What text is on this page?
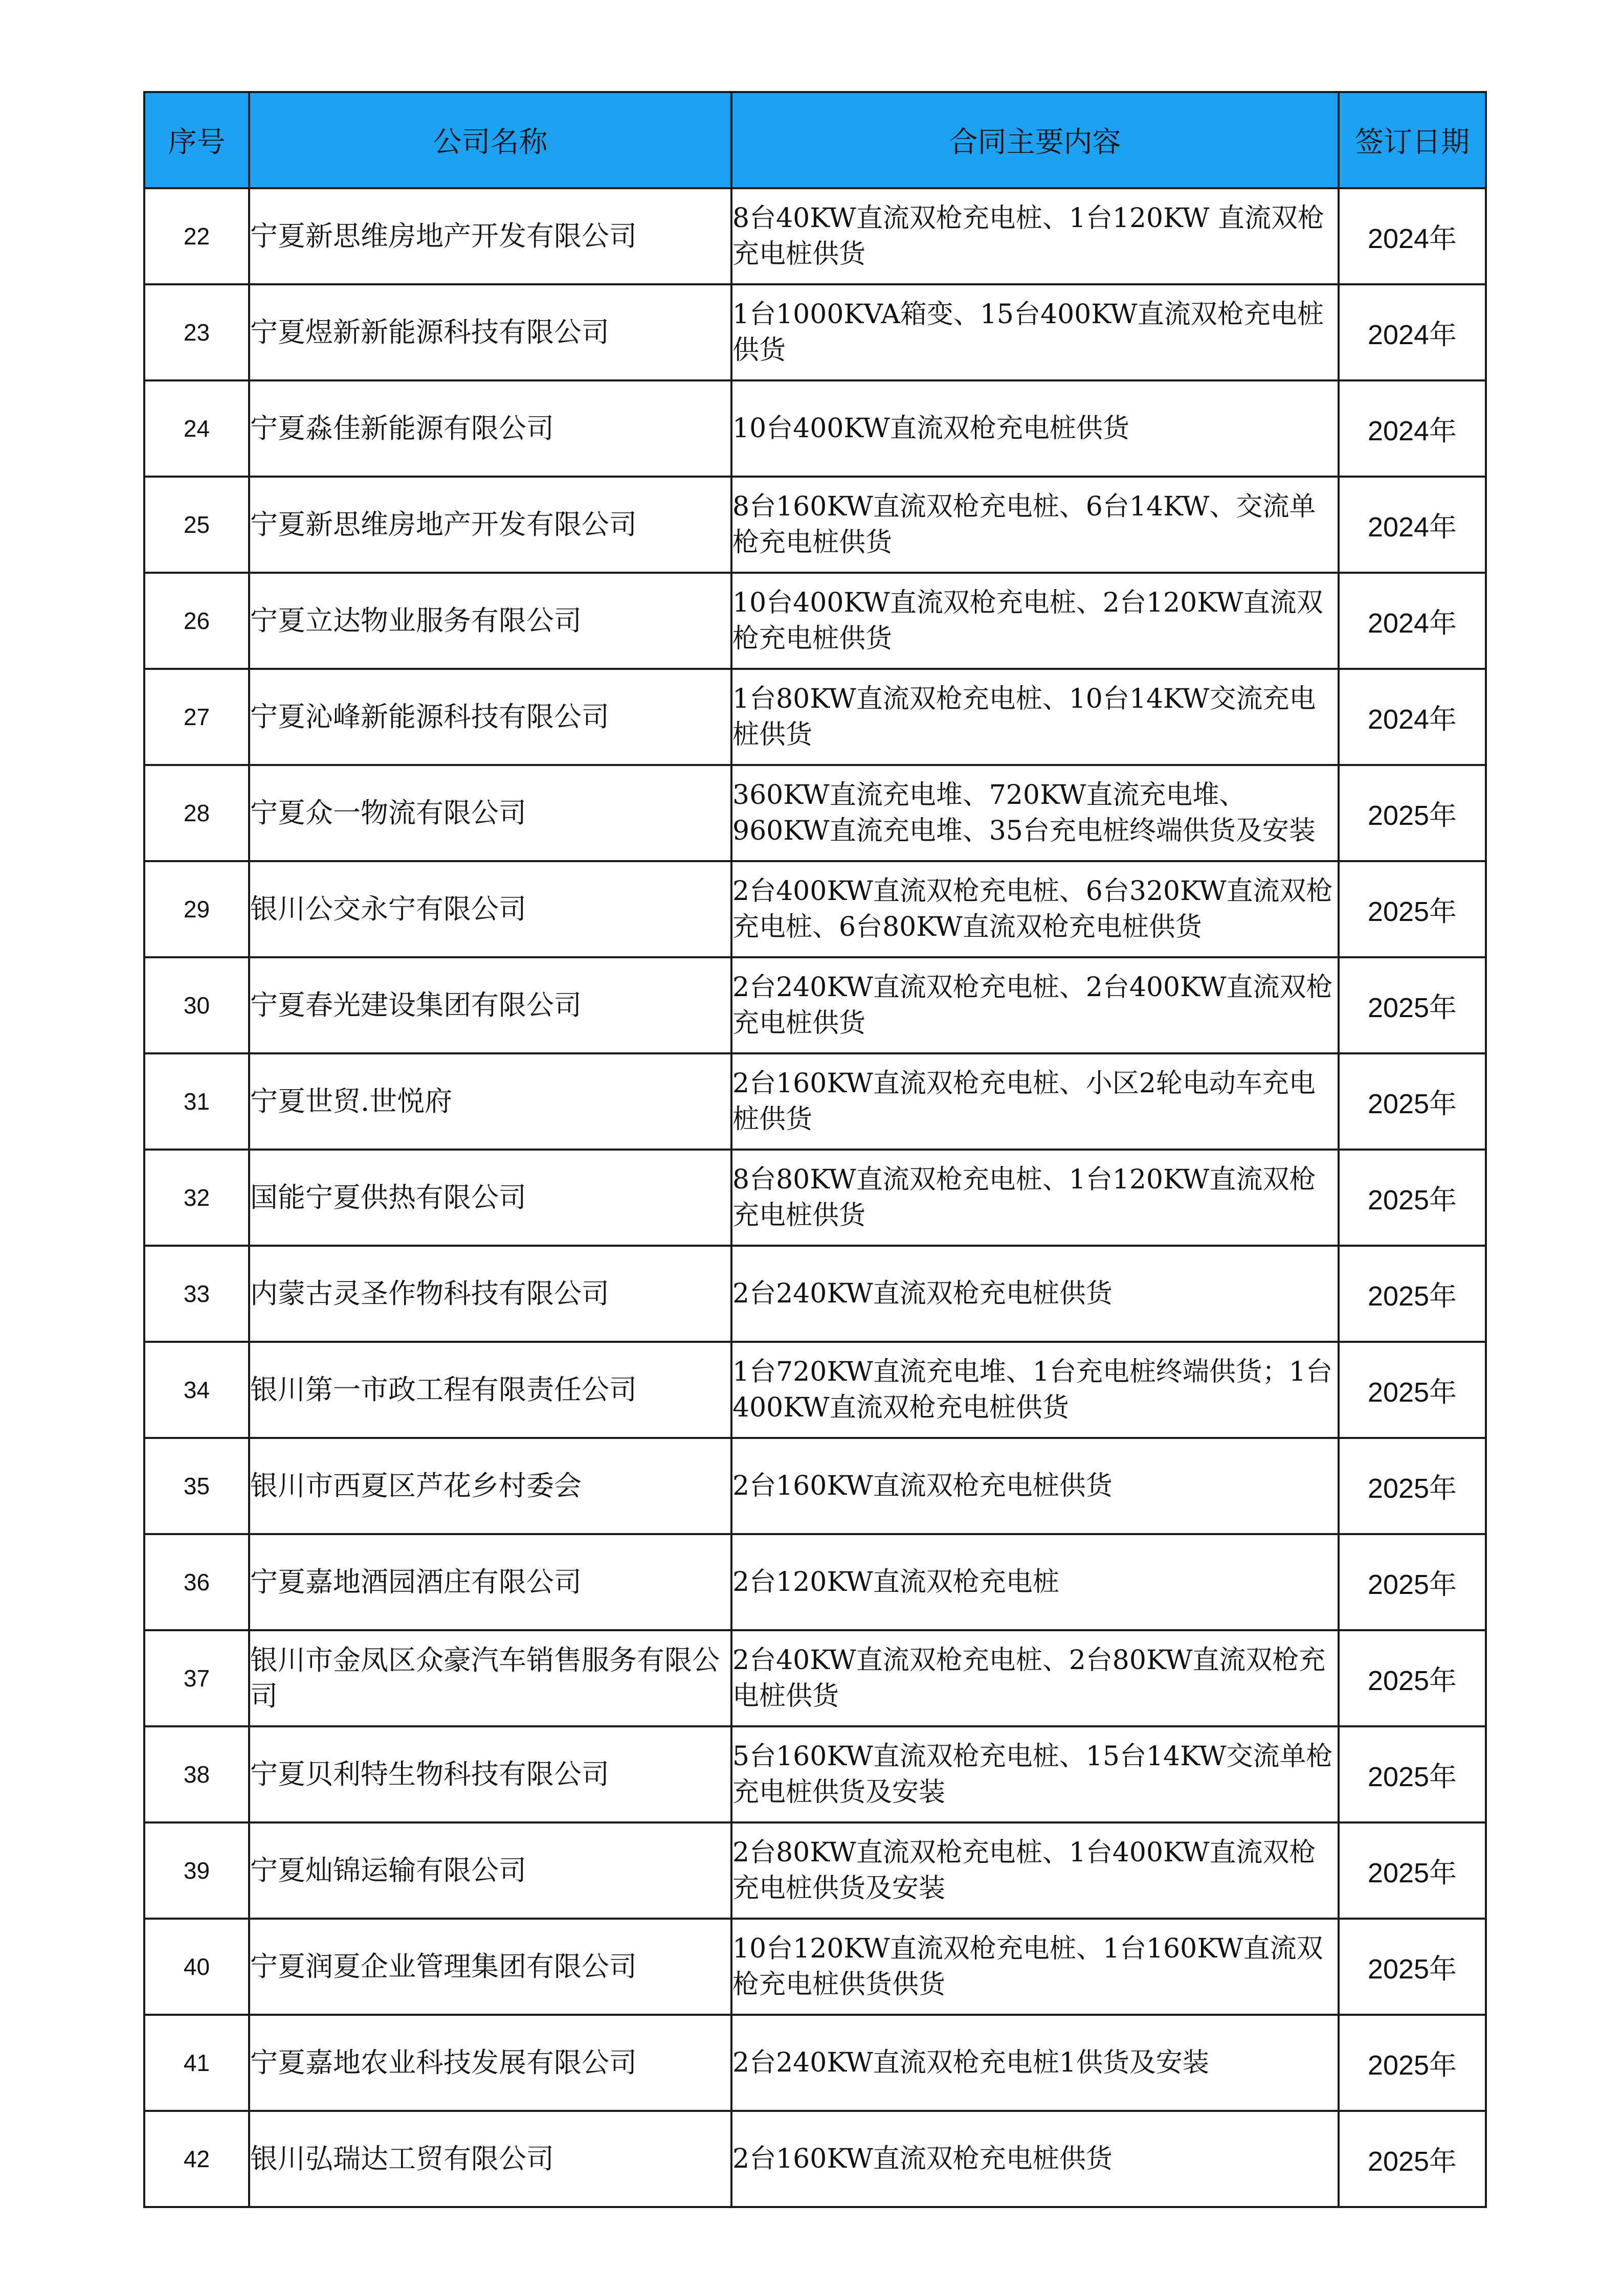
序号	公司名称	合同主要内容	签订日期
22	宁夏新思维房地产开发有限公司	8台40KW直流双枪充电桩、1台120KW 直流双枪充电桩供货	2024年
23	宁夏煜新新能源科技有限公司	1台1000KVA箱变、15台400KW直流双枪充电桩供货	2024年
24	宁夏淼佳新能源有限公司	10台400KW直流双枪充电桩供货	2024年
25	宁夏新思维房地产开发有限公司	8台160KW直流双枪充电桩、6台14KW、交流单枪充电桩供货	2024年
26	宁夏立达物业服务有限公司	10台400KW直流双枪充电桩、2台120KW直流双枪充电桩供货	2024年
27	宁夏沁峰新能源科技有限公司	1台80KW直流双枪充电桩、10台14KW交流充电桩供货	2024年
28	宁夏众一物流有限公司	360KW直流充电堆、720KW直流充电堆、960KW直流充电堆、35台充电桩终端供货及安装	2025年
29	银川公交永宁有限公司	2台400KW直流双枪充电桩、6台320KW直流双枪充电桩、6台80KW直流双枪充电桩供货	2025年
30	宁夏春光建设集团有限公司	2台240KW直流双枪充电桩、2台400KW直流双枪充电桩供货	2025年
31	宁夏世贸.世悦府	2台160KW直流双枪充电桩、小区2轮电动车充电桩供货	2025年
32	国能宁夏供热有限公司	8台80KW直流双枪充电桩、1台120KW直流双枪充电桩供货	2025年
33	内蒙古灵圣作物科技有限公司	2台240KW直流双枪充电桩供货	2025年
34	银川第一市政工程有限责任公司	1台720KW直流充电堆、1台充电桩终端供货；1台400KW直流双枪充电桩供货	2025年
35	银川市西夏区芦花乡村委会	2台160KW直流双枪充电桩供货	2025年
36	宁夏嘉地酒园酒庄有限公司	2台120KW直流双枪充电桩	2025年
37	银川市金凤区众豪汽车销售服务有限公司	2台40KW直流双枪充电桩、2台80KW直流双枪充电桩供货	2025年
38	宁夏贝利特生物科技有限公司	5台160KW直流双枪充电桩、15台14KW交流单枪充电桩供货及安装	2025年
39	宁夏灿锦运输有限公司	2台80KW直流双枪充电桩、1台400KW直流双枪充电桩供货及安装	2025年
40	宁夏润夏企业管理集团有限公司	10台120KW直流双枪充电桩、1台160KW直流双枪充电桩供货供货	2025年
41	宁夏嘉地农业科技发展有限公司	2台240KW直流双枪充电桩1供货及安装	2025年
42	银川弘瑞达工贸有限公司	2台160KW直流双枪充电桩供货	2025年
